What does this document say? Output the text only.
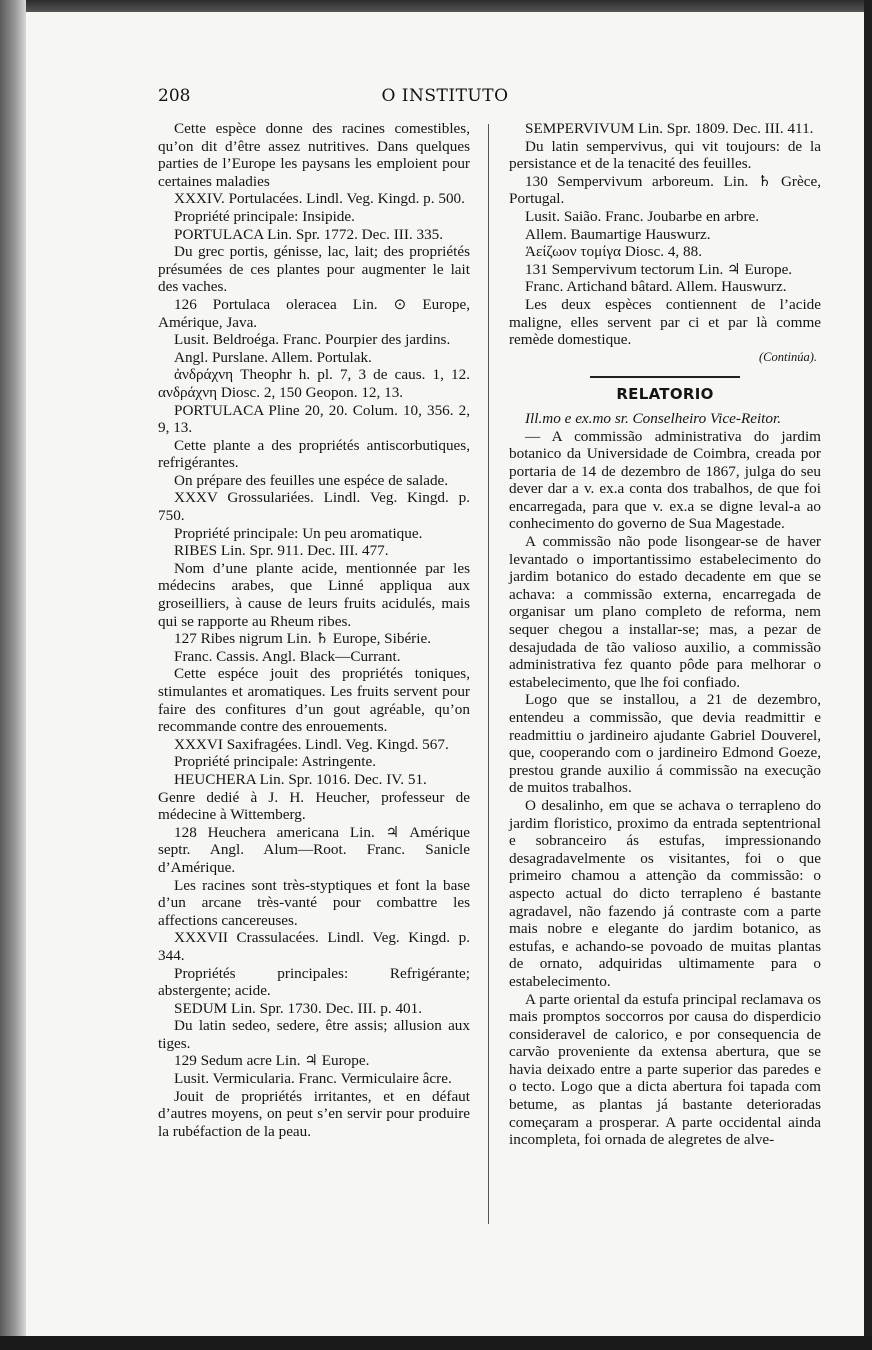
208	O INSTITUTO

Cette espèce donne des racines comestibles, qu’on dit d’être assez nutritives. Dans quelques parties de l’Europe les paysans les emploient pour certaines maladies

XXXIV. Portulacées. Lindl. Veg. Kingd. p. 500.

Propriété principale: Insipide.

PORTULACA Lin. Spr. 1772. Dec. III. 335.

Du grec portis, génisse, lac, lait; des propriétés présumées de ces plantes pour augmenter le lait des vaches.

126 Portulaca oleracea Lin. ⊙ Europe, Amérique, Java.

Lusit. Beldroéga. Franc. Pourpier des jardins.

Angl. Purslane. Allem. Portulak.

ἀνδράχνη Theophr h. pl. 7, 3 de caus. 1, 12. ανδράχνη Diosc. 2, 150 Geopon. 12, 13.

PORTULACA Pline 20, 20. Colum. 10, 356. 2, 9, 13.

Cette plante a des propriétés antiscorbutiques, refrigérantes.

On prépare des feuilles une espéce de salade.

XXXV Grossulariées. Lindl. Veg. Kingd. p. 750.

Propriété principale: Un peu aromatique.

RIBES Lin. Spr. 911. Dec. III. 477.

Nom d’une plante acide, mentionnée par les médecins arabes, que Linné appliqua aux groseilliers, à cause de leurs fruits acidulés, mais qui se rapporte au Rheum ribes.

127 Ribes nigrum Lin. ♄ Europe, Sibérie.

Franc. Cassis. Angl. Black—Currant.

Cette espéce jouit des propriétés toniques, stimulantes et aromatiques. Les fruits servent pour faire des confitures d’un gout agréable, qu’on recommande contre des enrouements.

XXXVI Saxifragées. Lindl. Veg. Kingd. 567.

Propriété principale: Astringente.

HEUCHERA Lin. Spr. 1016. Dec. IV. 51.

Genre dedié à J. H. Heucher, professeur de médecine à Wittemberg.

128 Heuchera americana Lin. ♃ Amérique septr. Angl. Alum—Root. Franc. Sanicle d’Amérique.

Les racines sont très-styptiques et font la base d’un arcane très-vanté pour combattre les affections cancereuses.

XXXVII Crassulacées. Lindl. Veg. Kingd. p. 344.

Propriétés principales: Refrigérante; abstergente; acide.

SEDUM Lin. Spr. 1730. Dec. III. p. 401.

Du latin sedeo, sedere, être assis; allusion aux tiges.

129 Sedum acre Lin. ♃ Europe.

Lusit. Vermicularia. Franc. Vermiculaire âcre.

Jouit de propriétés irritantes, et en défaut d’autres moyens, on peut s’en servir pour produire la rubéfaction de la peau.

SEMPERVIVUM Lin. Spr. 1809. Dec. III. 411.

Du latin sempervivus, qui vit toujours: de la persistance et de la tenacité des feuilles.

130 Sempervivum arboreum. Lin. ♄ Grèce, Portugal.

Lusit. Saião. Franc. Joubarbe en arbre.

Allem. Baumartige Hauswurz.

Ἀείζωον τομίγα Diosc. 4, 88.

131 Sempervivum tectorum Lin. ♃ Europe.

Franc. Artichand bâtard. Allem. Hauswurz.

Les deux espèces contiennent de l’acide maligne, elles servent par ci et par là comme remède domestique.

(Continúa).

RELATORIO

Ill.mo e ex.mo sr. Conselheiro Vice-Reitor.

— A commissão administrativa do jardim botanico da Universidade de Coimbra, creada por portaria de 14 de dezembro de 1867, julga do seu dever dar a v. ex.a conta dos trabalhos, de que foi encarregada, para que v. ex.a se digne leval-a ao conhecimento do governo de Sua Magestade.

A commissão não pode lisongear-se de haver levantado o importantissimo estabelecimento do jardim botanico do estado decadente em que se achava: a commissão externa, encarregada de organisar um plano completo de reforma, nem sequer chegou a installar-se; mas, a pezar de desajudada de tão valioso auxilio, a commissão administrativa fez quanto pôde para melhorar o estabelecimento, que lhe foi confiado.

Logo que se installou, a 21 de dezembro, entendeu a commissão, que devia readmittir e readmittiu o jardineiro ajudante Gabriel Douverel, que, cooperando com o jardineiro Edmond Goeze, prestou grande auxilio á commissão na execução de muitos trabalhos.

O desalinho, em que se achava o terrapleno do jardim floristico, proximo da entrada septentrional e sobranceiro ás estufas, impressionando desagradavelmente os visitantes, foi o que primeiro chamou a attenção da commissão: o aspecto actual do dicto terrapleno é bastante agradavel, não fazendo já contraste com a parte mais nobre e elegante do jardim botanico, as estufas, e achando-se povoado de muitas plantas de ornato, adquiridas ultimamente para o estabelecimento.

A parte oriental da estufa principal reclamava os mais promptos soccorros por causa do disperdicio consideravel de calorico, e por consequencia de carvão proveniente da extensa abertura, que se havia deixado entre a parte superior das paredes e o tecto. Logo que a dicta abertura foi tapada com betume, as plantas já bastante deterioradas começaram a prosperar. A parte occidental ainda incompleta, foi ornada de alegretes de alve-
